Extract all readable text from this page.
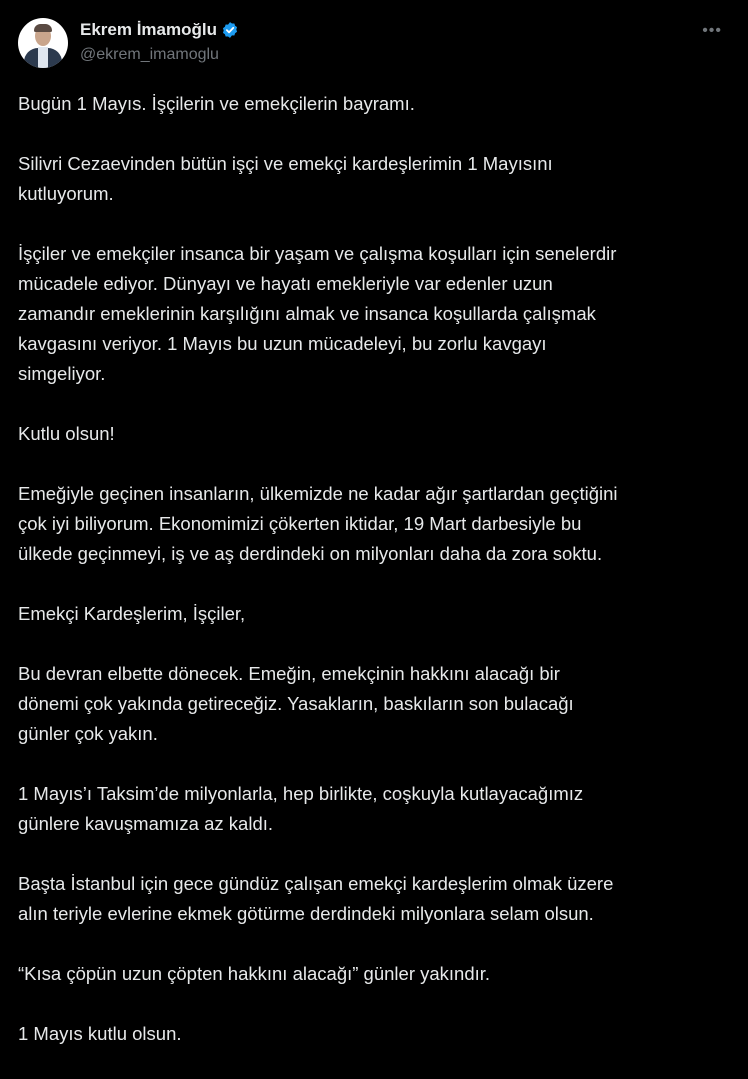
Ekrem İmamoğlu
@ekrem_imamoglu
•••
Bugün 1 Mayıs. İşçilerin ve emekçilerin bayramı.
Silivri Cezaevinden bütün işçi ve emekçi kardeşlerimin 1 Mayısını
kutluyorum.
İşçiler ve emekçiler insanca bir yaşam ve çalışma koşulları için senelerdir
mücadele ediyor. Dünyayı ve hayatı emekleriyle var edenler uzun
zamandır emeklerinin karşılığını almak ve insanca koşullarda çalışmak
kavgasını veriyor. 1 Mayıs bu uzun mücadeleyi, bu zorlu kavgayı
simgeliyor.
Kutlu olsun!
Emeğiyle geçinen insanların, ülkemizde ne kadar ağır şartlardan geçtiğini
çok iyi biliyorum. Ekonomimizi çökerten iktidar, 19 Mart darbesiyle bu
ülkede geçinmeyi, iş ve aş derdindeki on milyonları daha da zora soktu.
Emekçi Kardeşlerim, İşçiler,
Bu devran elbette dönecek. Emeğin, emekçinin hakkını alacağı bir
dönemi çok yakında getireceğiz. Yasakların, baskıların son bulacağı
günler çok yakın.
1 Mayıs’ı Taksim’de milyonlarla, hep birlikte, coşkuyla kutlayacağımız
günlere kavuşmamıza az kaldı.
Başta İstanbul için gece gündüz çalışan emekçi kardeşlerim olmak üzere
alın teriyle evlerine ekmek götürme derdindeki milyonlara selam olsun.
“Kısa çöpün uzun çöpten hakkını alacağı” günler yakındır.
1 Mayıs kutlu olsun.
